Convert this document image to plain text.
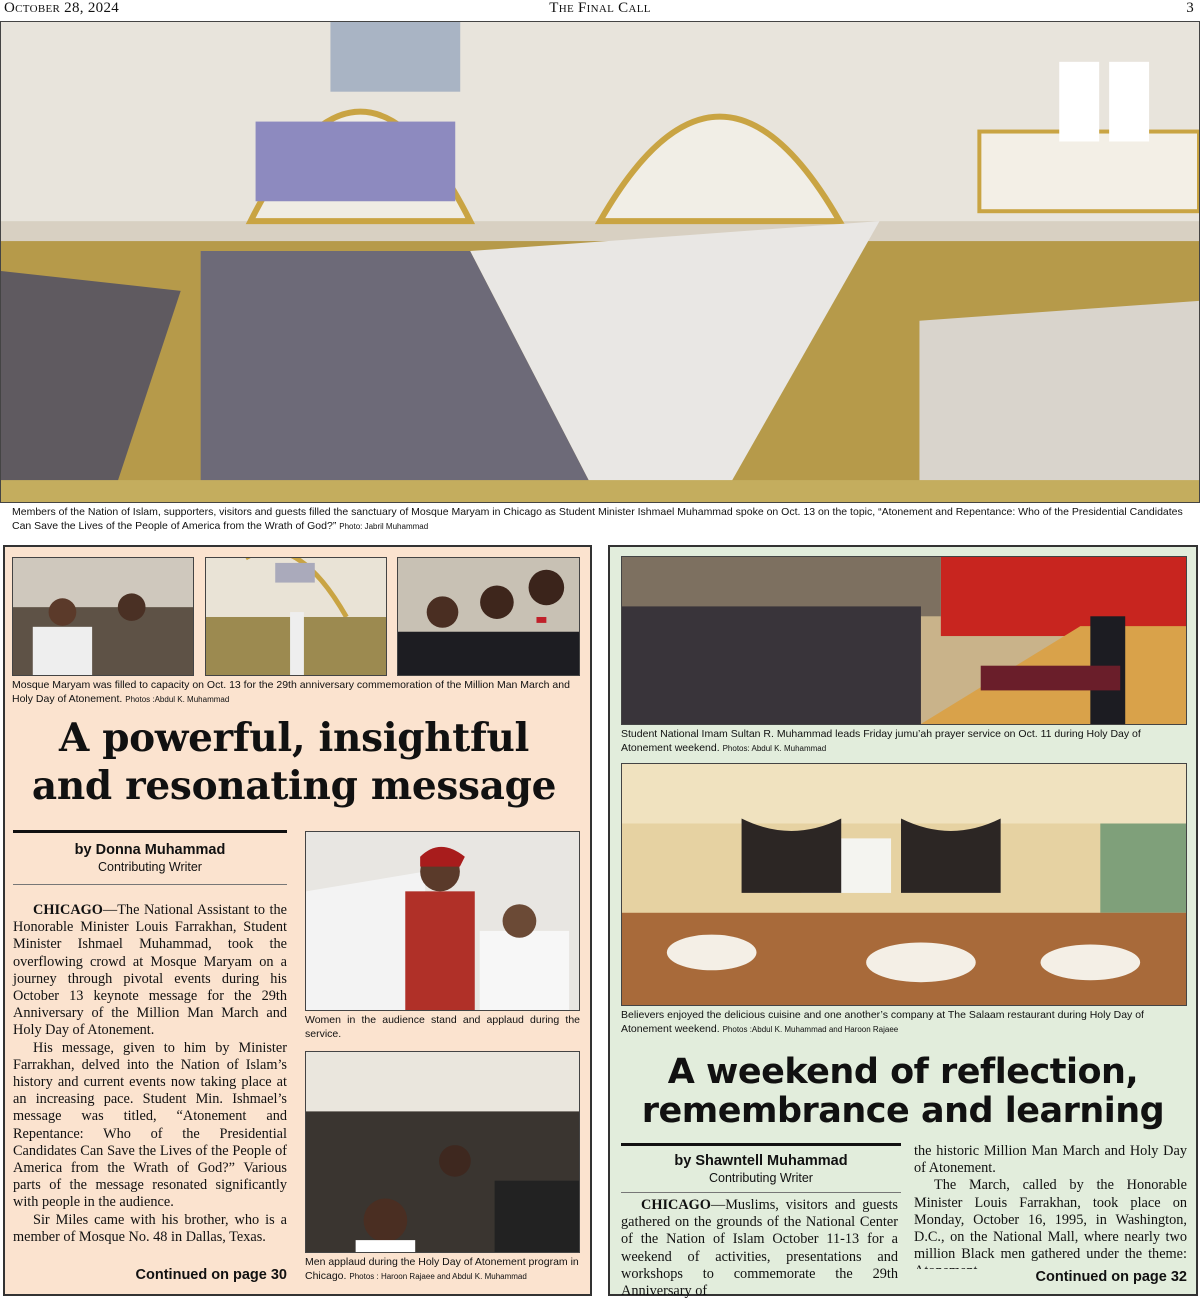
October 28, 2024	The Final Call	3
Members of the Nation of Islam, supporters, visitors and guests filled the sanctuary of Mosque Maryam in Chicago as Student Minister Ishmael Muhammad spoke on Oct. 13 on the topic, “Atonement and Repentance: Who of the Presidential Candidates Can Save the Lives of the People of America from the Wrath of God?” Photo: Jabril Muhammad
Mosque Maryam was filled to capacity on Oct. 13 for the 29th anniversary commemoration of the Million Man March and Holy Day of Atonement. Photos :Abdul K. Muhammad
A powerful, insightful
and resonating message
by Donna Muhammad
Contributing Writer

CHICAGO—The National Assistant to the Honorable Minister Louis Farrakhan, Student Minister Ishmael Muhammad, took the overflowing crowd at Mosque Maryam on a journey through pivotal events during his October 13 keynote message for the 29th Anniversary of the Million Man March and Holy Day of Atonement.

His message, given to him by Minister Farrakhan, delved into the Nation of Islam’s history and current events now taking place at an increasing pace. Student Min. Ishmael’s message was titled, “Atonement and Repentance: Who of the Presidential Candidates Can Save the Lives of the People of America from the Wrath of God?” Various parts of the message resonated significantly with people in the audience.

Sir Miles came with his brother, who is a member of Mosque No. 48 in Dallas, Texas.

Continued on page 30
Women in the audience stand and applaud during the service.
Men applaud during the Holy Day of Atonement program in Chicago. Photos : Haroon Rajaee and Abdul K. Muhammad
Student National Imam Sultan R. Muhammad leads Friday jumu’ah prayer service on Oct. 11 during Holy Day of Atonement weekend. Photos: Abdul K. Muhammad
Believers enjoyed the delicious cuisine and one another’s company at The Salaam restaurant during Holy Day of Atonement weekend. Photos :Abdul K. Muhammad and Haroon Rajaee
A weekend of reflection,
remembrance and learning
by Shawntell Muhammad
Contributing Writer

CHICAGO—Muslims, visitors and guests gathered on the grounds of the National Center of the Nation of Islam October 11-13 for a weekend of activities, presentations and workshops to commemorate the 29th Anniversary of

the historic Million Man March and Holy Day of Atonement.

The March, called by the Honorable Minister Louis Farrakhan, took place on Monday, October 16, 1995, in Washington, D.C., on the National Mall, where nearly two million Black men gathered under the theme:

Continued on page 32
